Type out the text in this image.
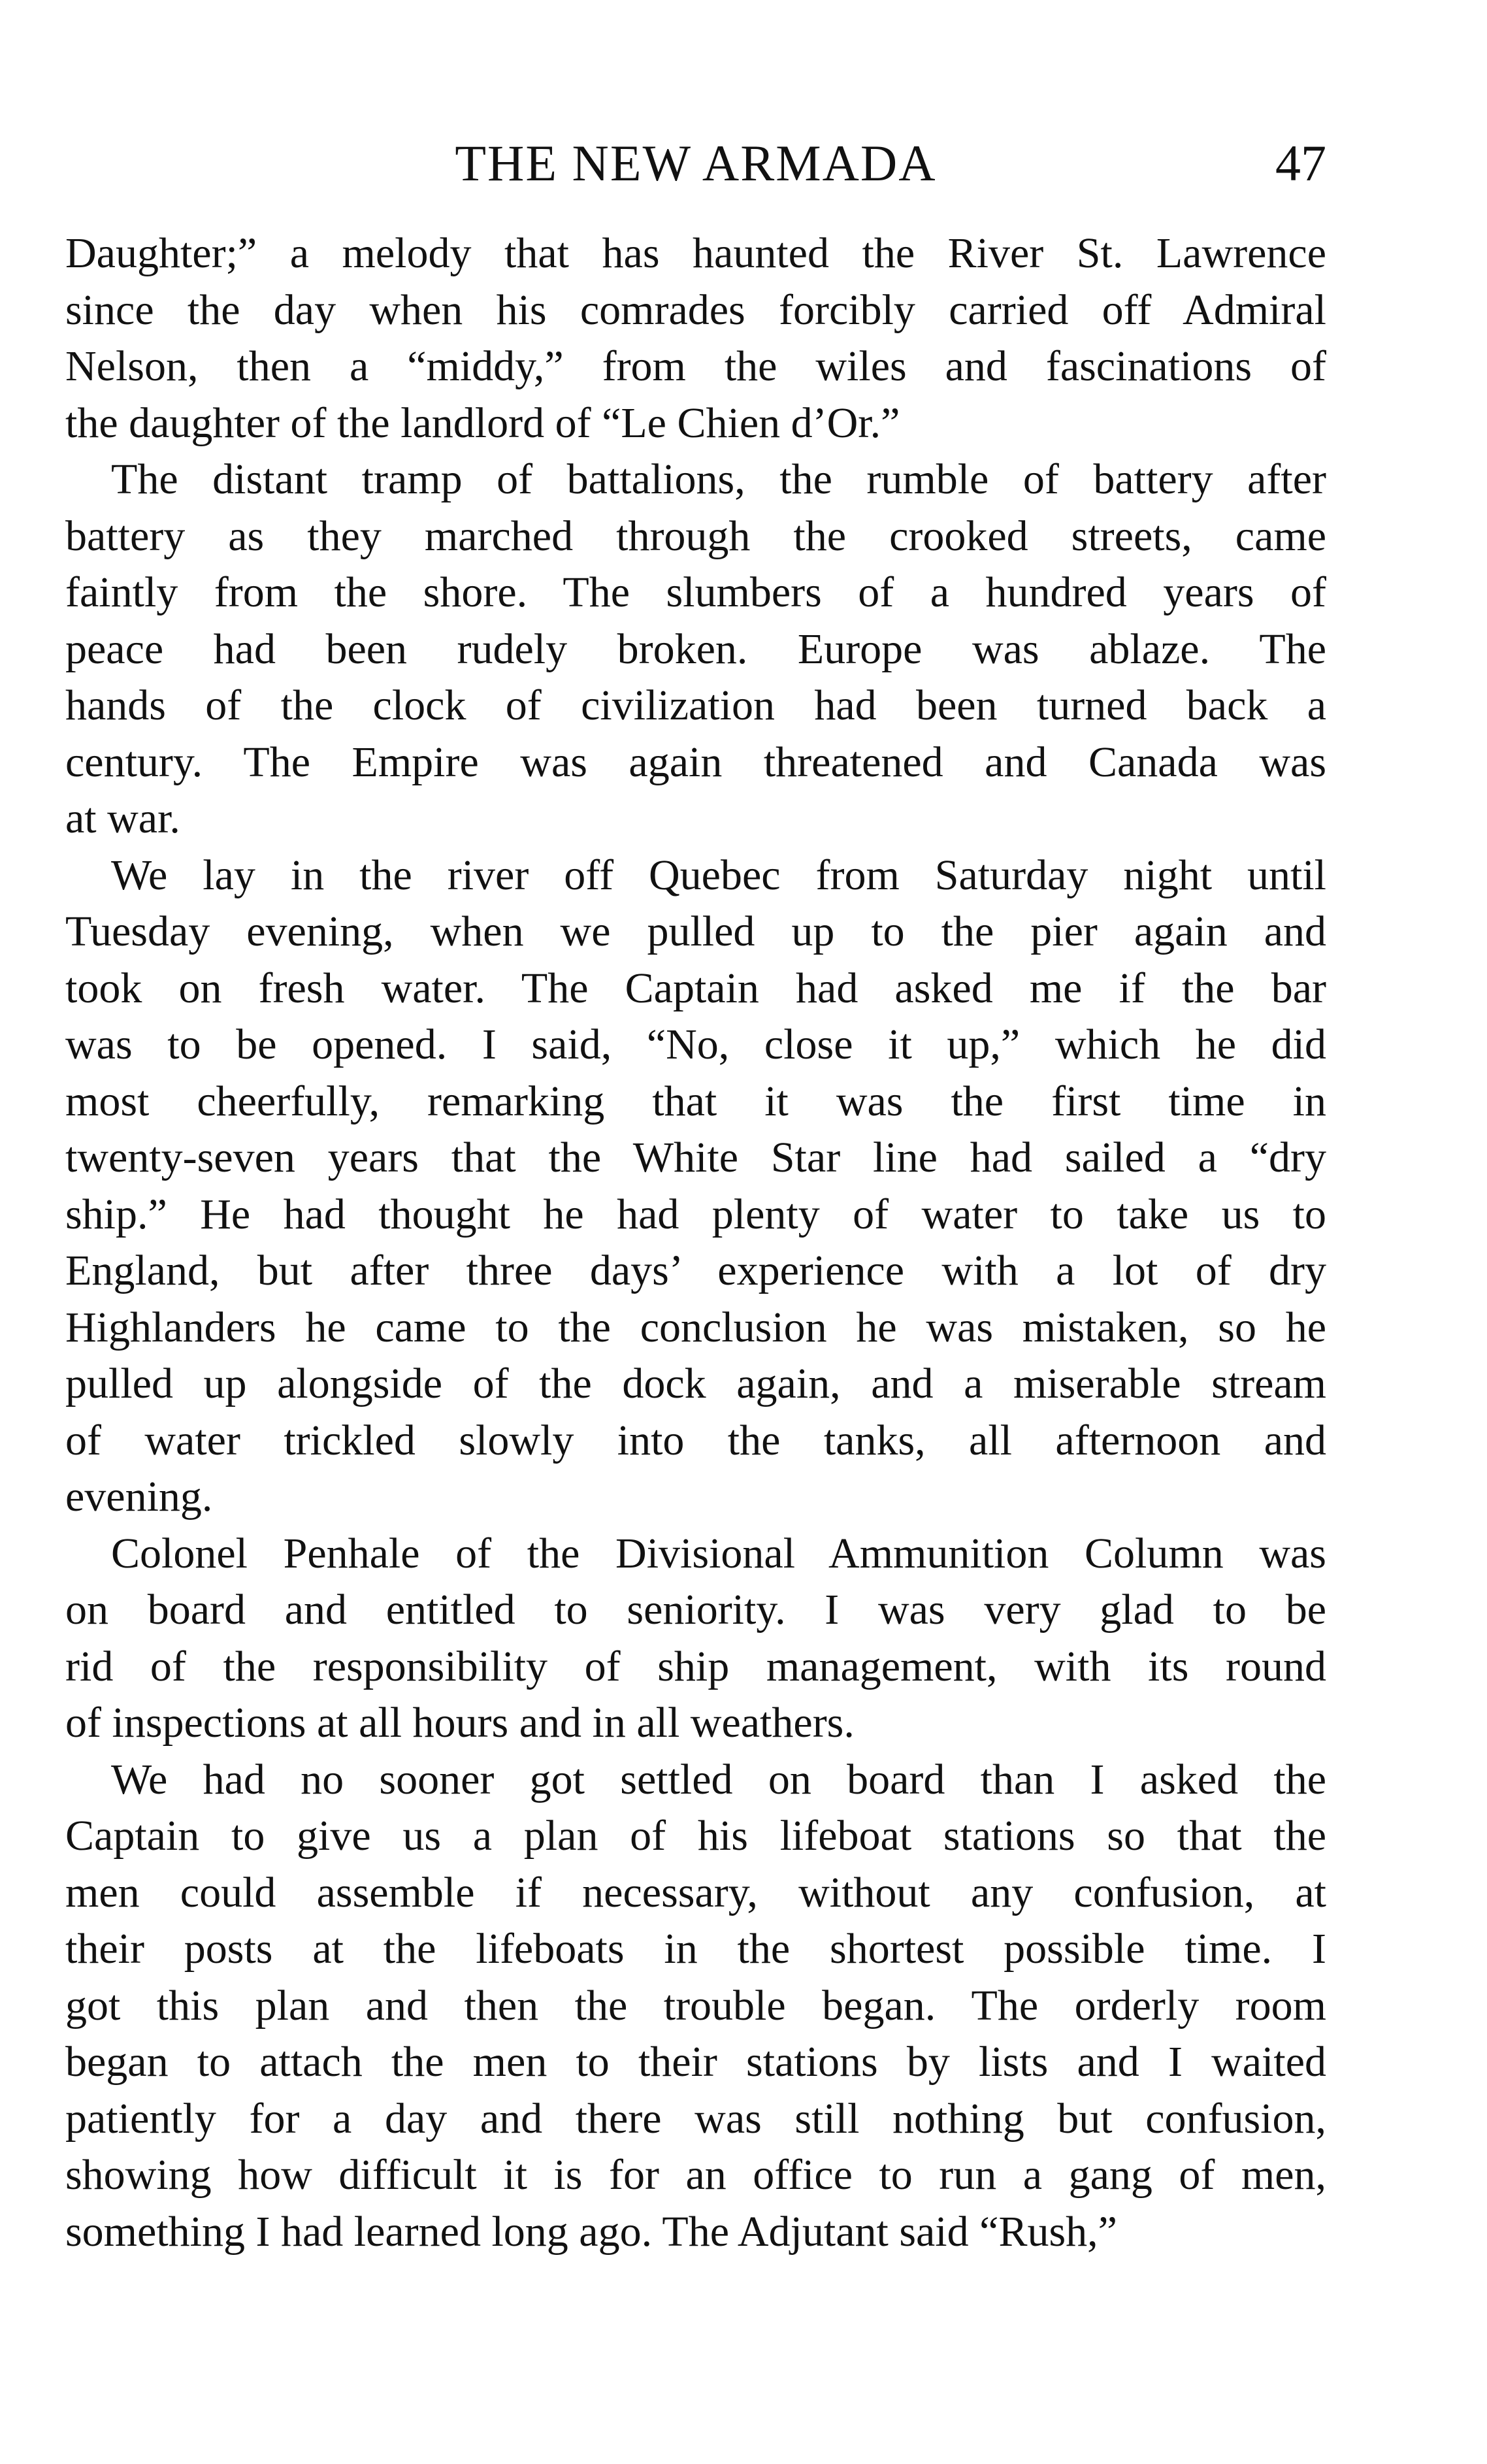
THE NEW ARMADA	47
Daughter;” a melody that has haunted the River St. Lawrence
since the day when his comrades forcibly carried off Admiral
Nelson, then a “middy,” from the wiles and fascinations of
the daughter of the landlord of “Le Chien d’Or.”
The distant tramp of battalions, the rumble of battery after
battery as they marched through the crooked streets, came
faintly from the shore. The slumbers of a hundred years of
peace had been rudely broken. Europe was ablaze. The
hands of the clock of civilization had been turned back a
century. The Empire was again threatened and Canada was
at war.
We lay in the river off Quebec from Saturday night until
Tuesday evening, when we pulled up to the pier again and
took on fresh water. The Captain had asked me if the bar
was to be opened. I said, “No, close it up,” which he did
most cheerfully, remarking that it was the first time in
twenty-seven years that the White Star line had sailed a “dry
ship.” He had thought he had plenty of water to take us to
England, but after three days’ experience with a lot of dry
Highlanders he came to the conclusion he was mistaken, so he
pulled up alongside of the dock again, and a miserable stream
of water trickled slowly into the tanks, all afternoon and
evening.
Colonel Penhale of the Divisional Ammunition Column was
on board and entitled to seniority. I was very glad to be
rid of the responsibility of ship management, with its round
of inspections at all hours and in all weathers.
We had no sooner got settled on board than I asked the
Captain to give us a plan of his lifeboat stations so that the
men could assemble if necessary, without any confusion, at
their posts at the lifeboats in the shortest possible time. I
got this plan and then the trouble began. The orderly room
began to attach the men to their stations by lists and I waited
patiently for a day and there was still nothing but confusion,
showing how difficult it is for an office to run a gang of men,
something I had learned long ago. The Adjutant said “Rush,”
